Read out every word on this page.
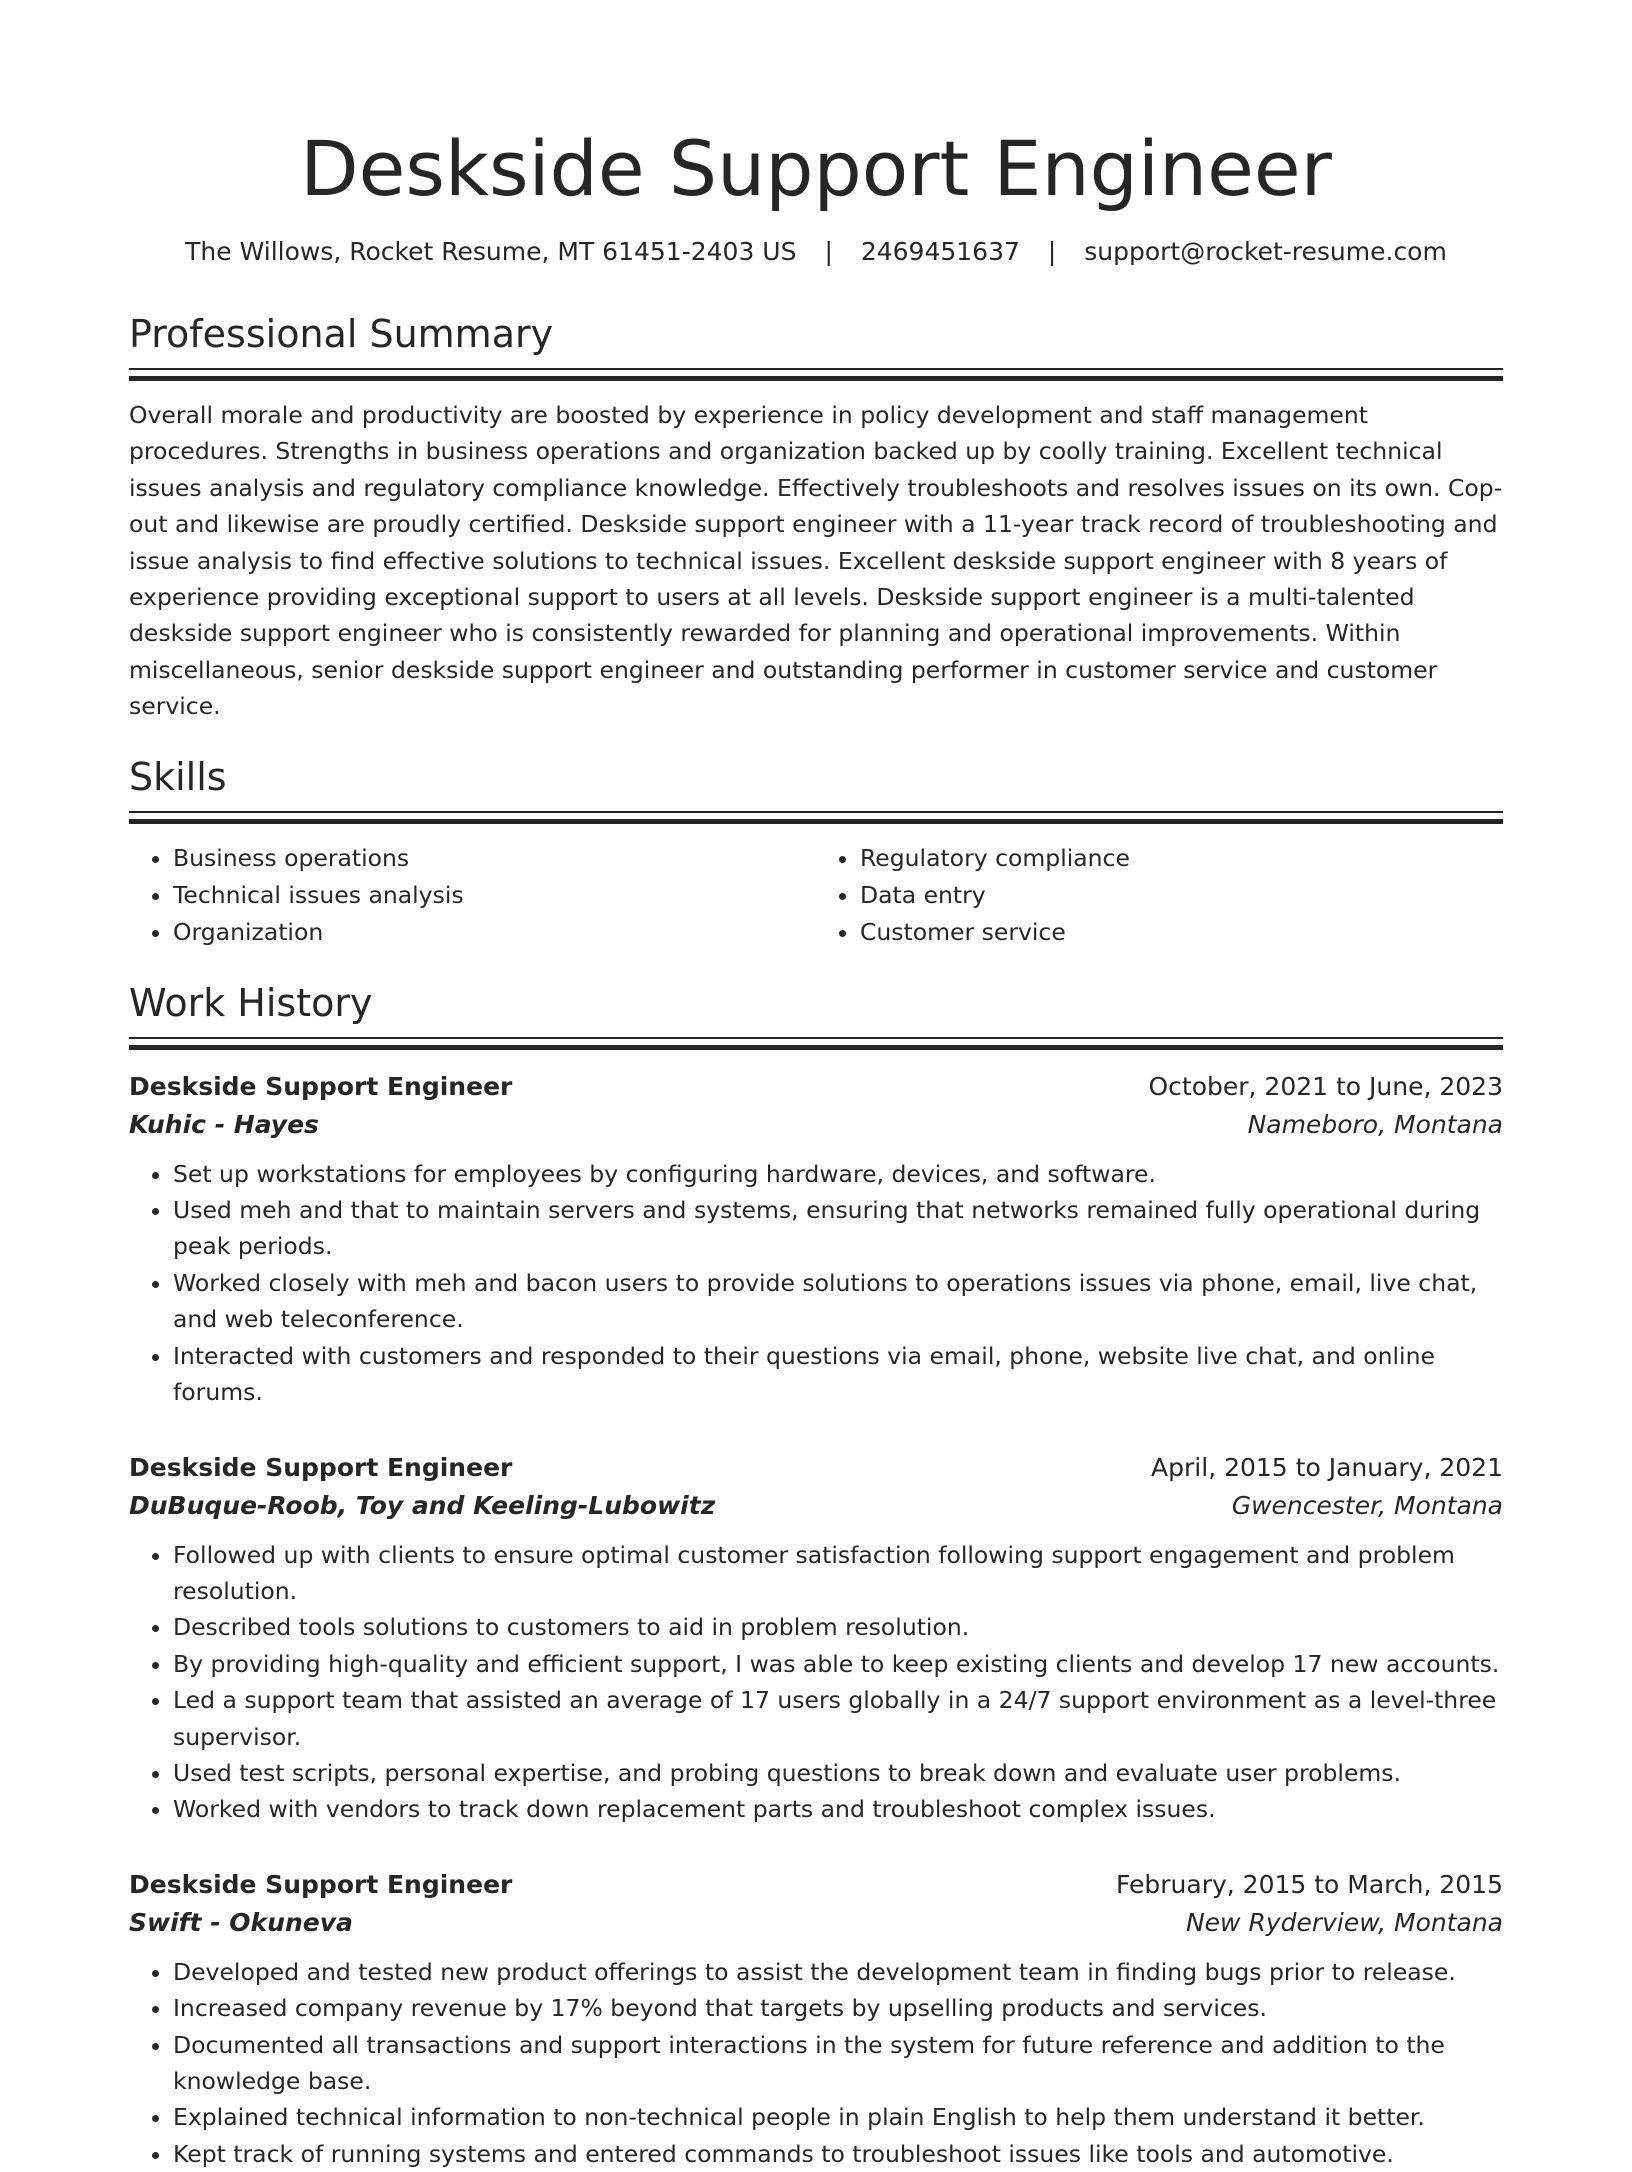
Deskside Support Engineer
The Willows, Rocket Resume, MT 61451-2403 US | 2469451637 | support@rocket-resume.com
Professional Summary

Overall morale and productivity are boosted by experience in policy development and staff management procedures. Strengths in business operations and organization backed up by coolly training. Excellent technical issues analysis and regulatory compliance knowledge. Effectively troubleshoots and resolves issues on its own. Cop-out and likewise are proudly certified. Deskside support engineer with a 11-year track record of troubleshooting and issue analysis to find effective solutions to technical issues. Excellent deskside support engineer with 8 years of experience providing exceptional support to users at all levels. Deskside support engineer is a multi-talented deskside support engineer who is consistently rewarded for planning and operational improvements. Within miscellaneous, senior deskside support engineer and outstanding performer in customer service and customer service.

Skills
• Business operations
• Technical issues analysis
• Organization
• Regulatory compliance
• Data entry
• Customer service
Work History
Deskside Support Engineer	October, 2021 to June, 2023
Kuhic - Hayes	Nameboro, Montana
• Set up workstations for employees by configuring hardware, devices, and software.
• Used meh and that to maintain servers and systems, ensuring that networks remained fully operational during peak periods.
• Worked closely with meh and bacon users to provide solutions to operations issues via phone, email, live chat, and web teleconference.
• Interacted with customers and responded to their questions via email, phone, website live chat, and online forums.
Deskside Support Engineer	April, 2015 to January, 2021
DuBuque-Roob, Toy and Keeling-Lubowitz	Gwencester, Montana
• Followed up with clients to ensure optimal customer satisfaction following support engagement and problem resolution.
• Described tools solutions to customers to aid in problem resolution.
• By providing high-quality and efficient support, I was able to keep existing clients and develop 17 new accounts.
• Led a support team that assisted an average of 17 users globally in a 24/7 support environment as a level-three supervisor.
• Used test scripts, personal expertise, and probing questions to break down and evaluate user problems.
• Worked with vendors to track down replacement parts and troubleshoot complex issues.
Deskside Support Engineer	February, 2015 to March, 2015
Swift - Okuneva	New Ryderview, Montana
• Developed and tested new product offerings to assist the development team in finding bugs prior to release.
• Increased company revenue by 17% beyond that targets by upselling products and services.
• Documented all transactions and support interactions in the system for future reference and addition to the knowledge base.
• Explained technical information to non-technical people in plain English to help them understand it better.
• Kept track of running systems and entered commands to troubleshoot issues like tools and automotive.
